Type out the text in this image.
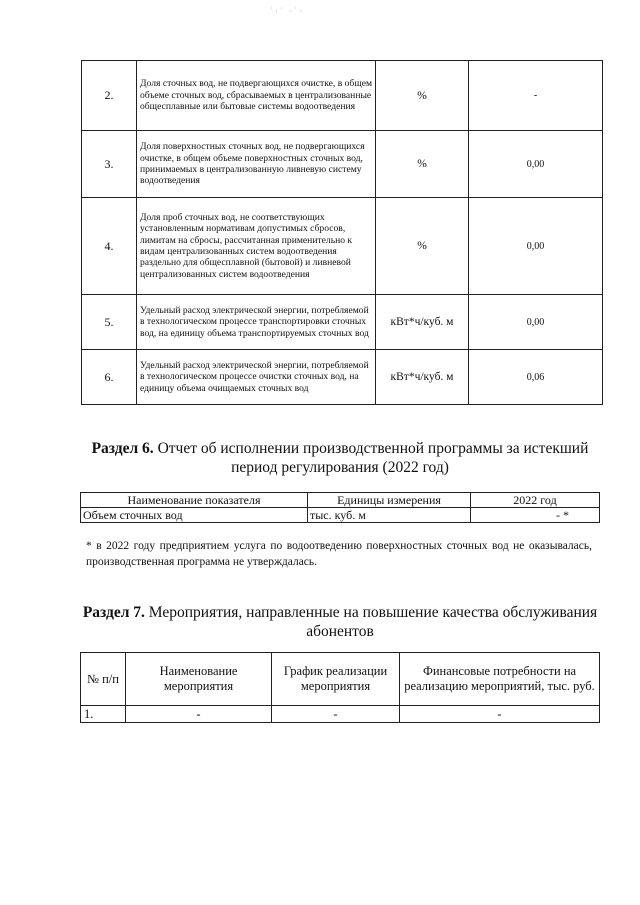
˙·˙ ·˙·
2.	Доля сточных вод, не подвергающихся очистке, в общем объеме сточных вод, сбрасываемых в централизованные общесплавные или бытовые системы водоотведения	%	-
3.	Доля поверхностных сточных вод, не подвергающихся очистке, в общем объеме поверхностных сточных вод, принимаемых в централизованную ливневую систему водоотведения	%	0,00
4.	Доля проб сточных вод, не соответствующих установленным нормативам допустимых сбросов, лимитам на сбросы, рассчитанная применительно к видам централизованных систем водоотведения раздельно для общесплавной (бытовой) и ливневой централизованных систем водоотведения	%	0,00
5.	Удельный расход электрической энергии, потребляемой в технологическом процессе транспортировки сточных вод, на единицу объема транспортируемых сточных вод	кВт*ч/куб. м	0,00
6.	Удельный расход электрической энергии, потребляемой в технологическом процессе очистки сточных вод, на единицу объема очищаемых сточных вод	кВт*ч/куб. м	0,06
Раздел 6. Отчет об исполнении производственной программы за истекший
период регулирования (2022 год)
Наименование показателя	Единицы измерения	2022 год
Объем сточных вод	тыс. куб. м	- *
* в 2022 году предприятием услуга по водоотведению поверхностных сточных вод не оказывалась, производственная программа не утверждалась.
Раздел 7. Мероприятия, направленные на повышение качества обслуживания
абонентов
№ п/п	Наименование мероприятия	График реализации мероприятия	Финансовые потребности на реализацию мероприятий, тыс. руб.
1.	-	-	-
